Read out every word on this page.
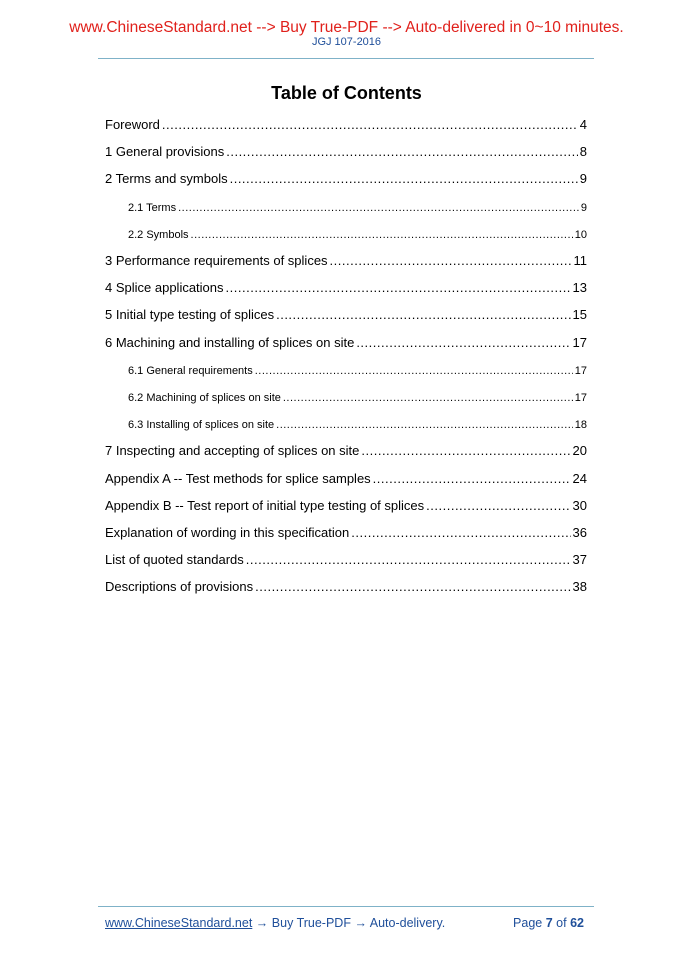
www.ChineseStandard.net --> Buy True-PDF --> Auto-delivered in 0~10 minutes.
JGJ 107-2016
Table of Contents
Foreword .....	4
1 General provisions .....	8
2 Terms and symbols .....	9
2.1 Terms .....	9
2.2 Symbols .....	10
3 Performance requirements of splices .....	11
4 Splice applications .....	13
5 Initial type testing of splices .....	15
6 Machining and installing of splices on site .....	17
6.1 General requirements .....	17
6.2 Machining of splices on site .....	17
6.3 Installing of splices on site .....	18
7 Inspecting and accepting of splices on site .....	20
Appendix A -- Test methods for splice samples .....	24
Appendix B -- Test report of initial type testing of splices .....	30
Explanation of wording in this specification .....	36
List of quoted standards .....	37
Descriptions of provisions .....	38
www.ChineseStandard.net → Buy True-PDF → Auto-delivery.	Page 7 of 62
